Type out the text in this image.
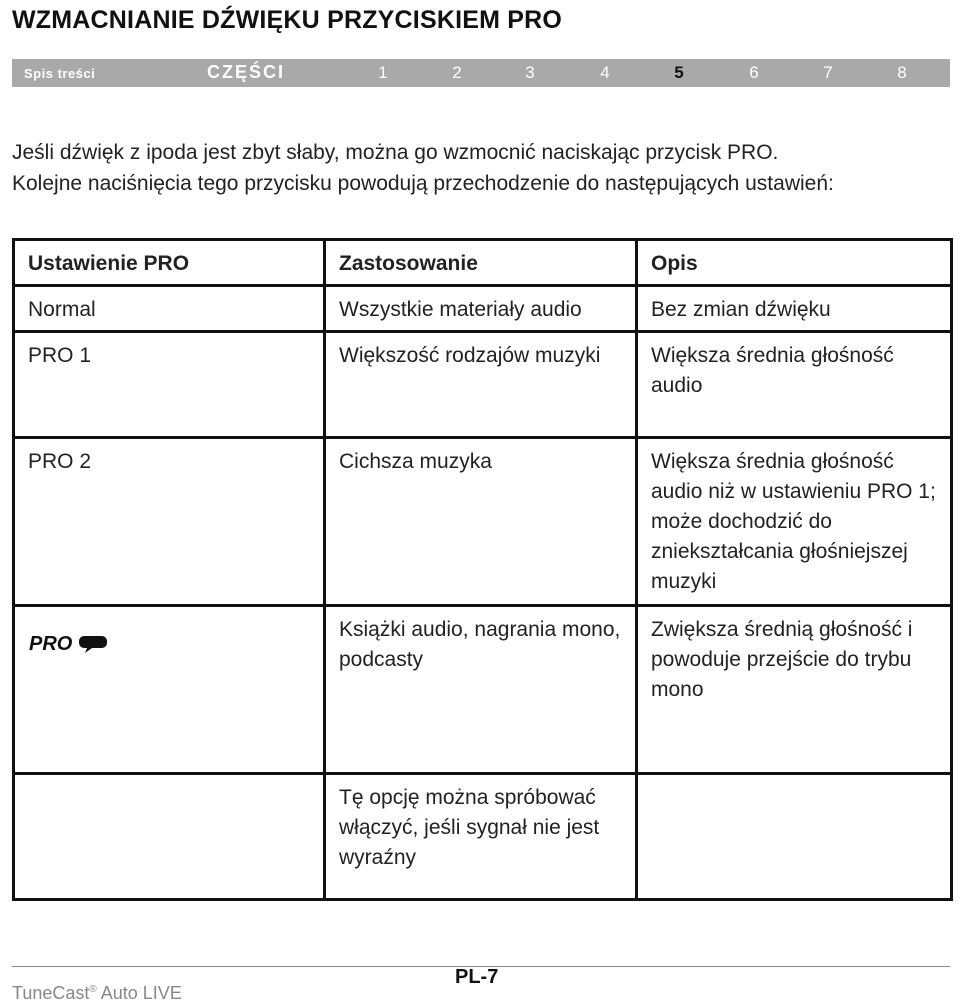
WZMACNIANIE DŹWIĘKU PRZYCISKIEM PRO
Spis treści	CZĘŚCI	1	2	3	4	5	6	7	8
Jeśli dźwięk z ipoda jest zbyt słaby, można go wzmocnić naciskając przycisk PRO.
Kolejne naciśnięcia tego przycisku powodują przechodzenie do następujących ustawień:
Ustawienie PRO	Zastosowanie	Opis
Normal	Wszystkie materiały audio	Bez zmian dźwięku
PRO 1	Większość rodzajów muzyki	Większa średnia głośność audio
PRO 2	Cichsza muzyka	Większa średnia głośność audio niż w ustawieniu PRO 1; może dochodzić do zniekształcania głośniejszej muzyki

PRO	Książki audio, nagrania mono, podcasty	Zwiększa średnią głośność i powoduje przejście do trybu mono
	Tę opcję można spróbować włączyć, jeśli sygnał nie jest wyraźny	
TuneCast® Auto LIVE
PL-7
